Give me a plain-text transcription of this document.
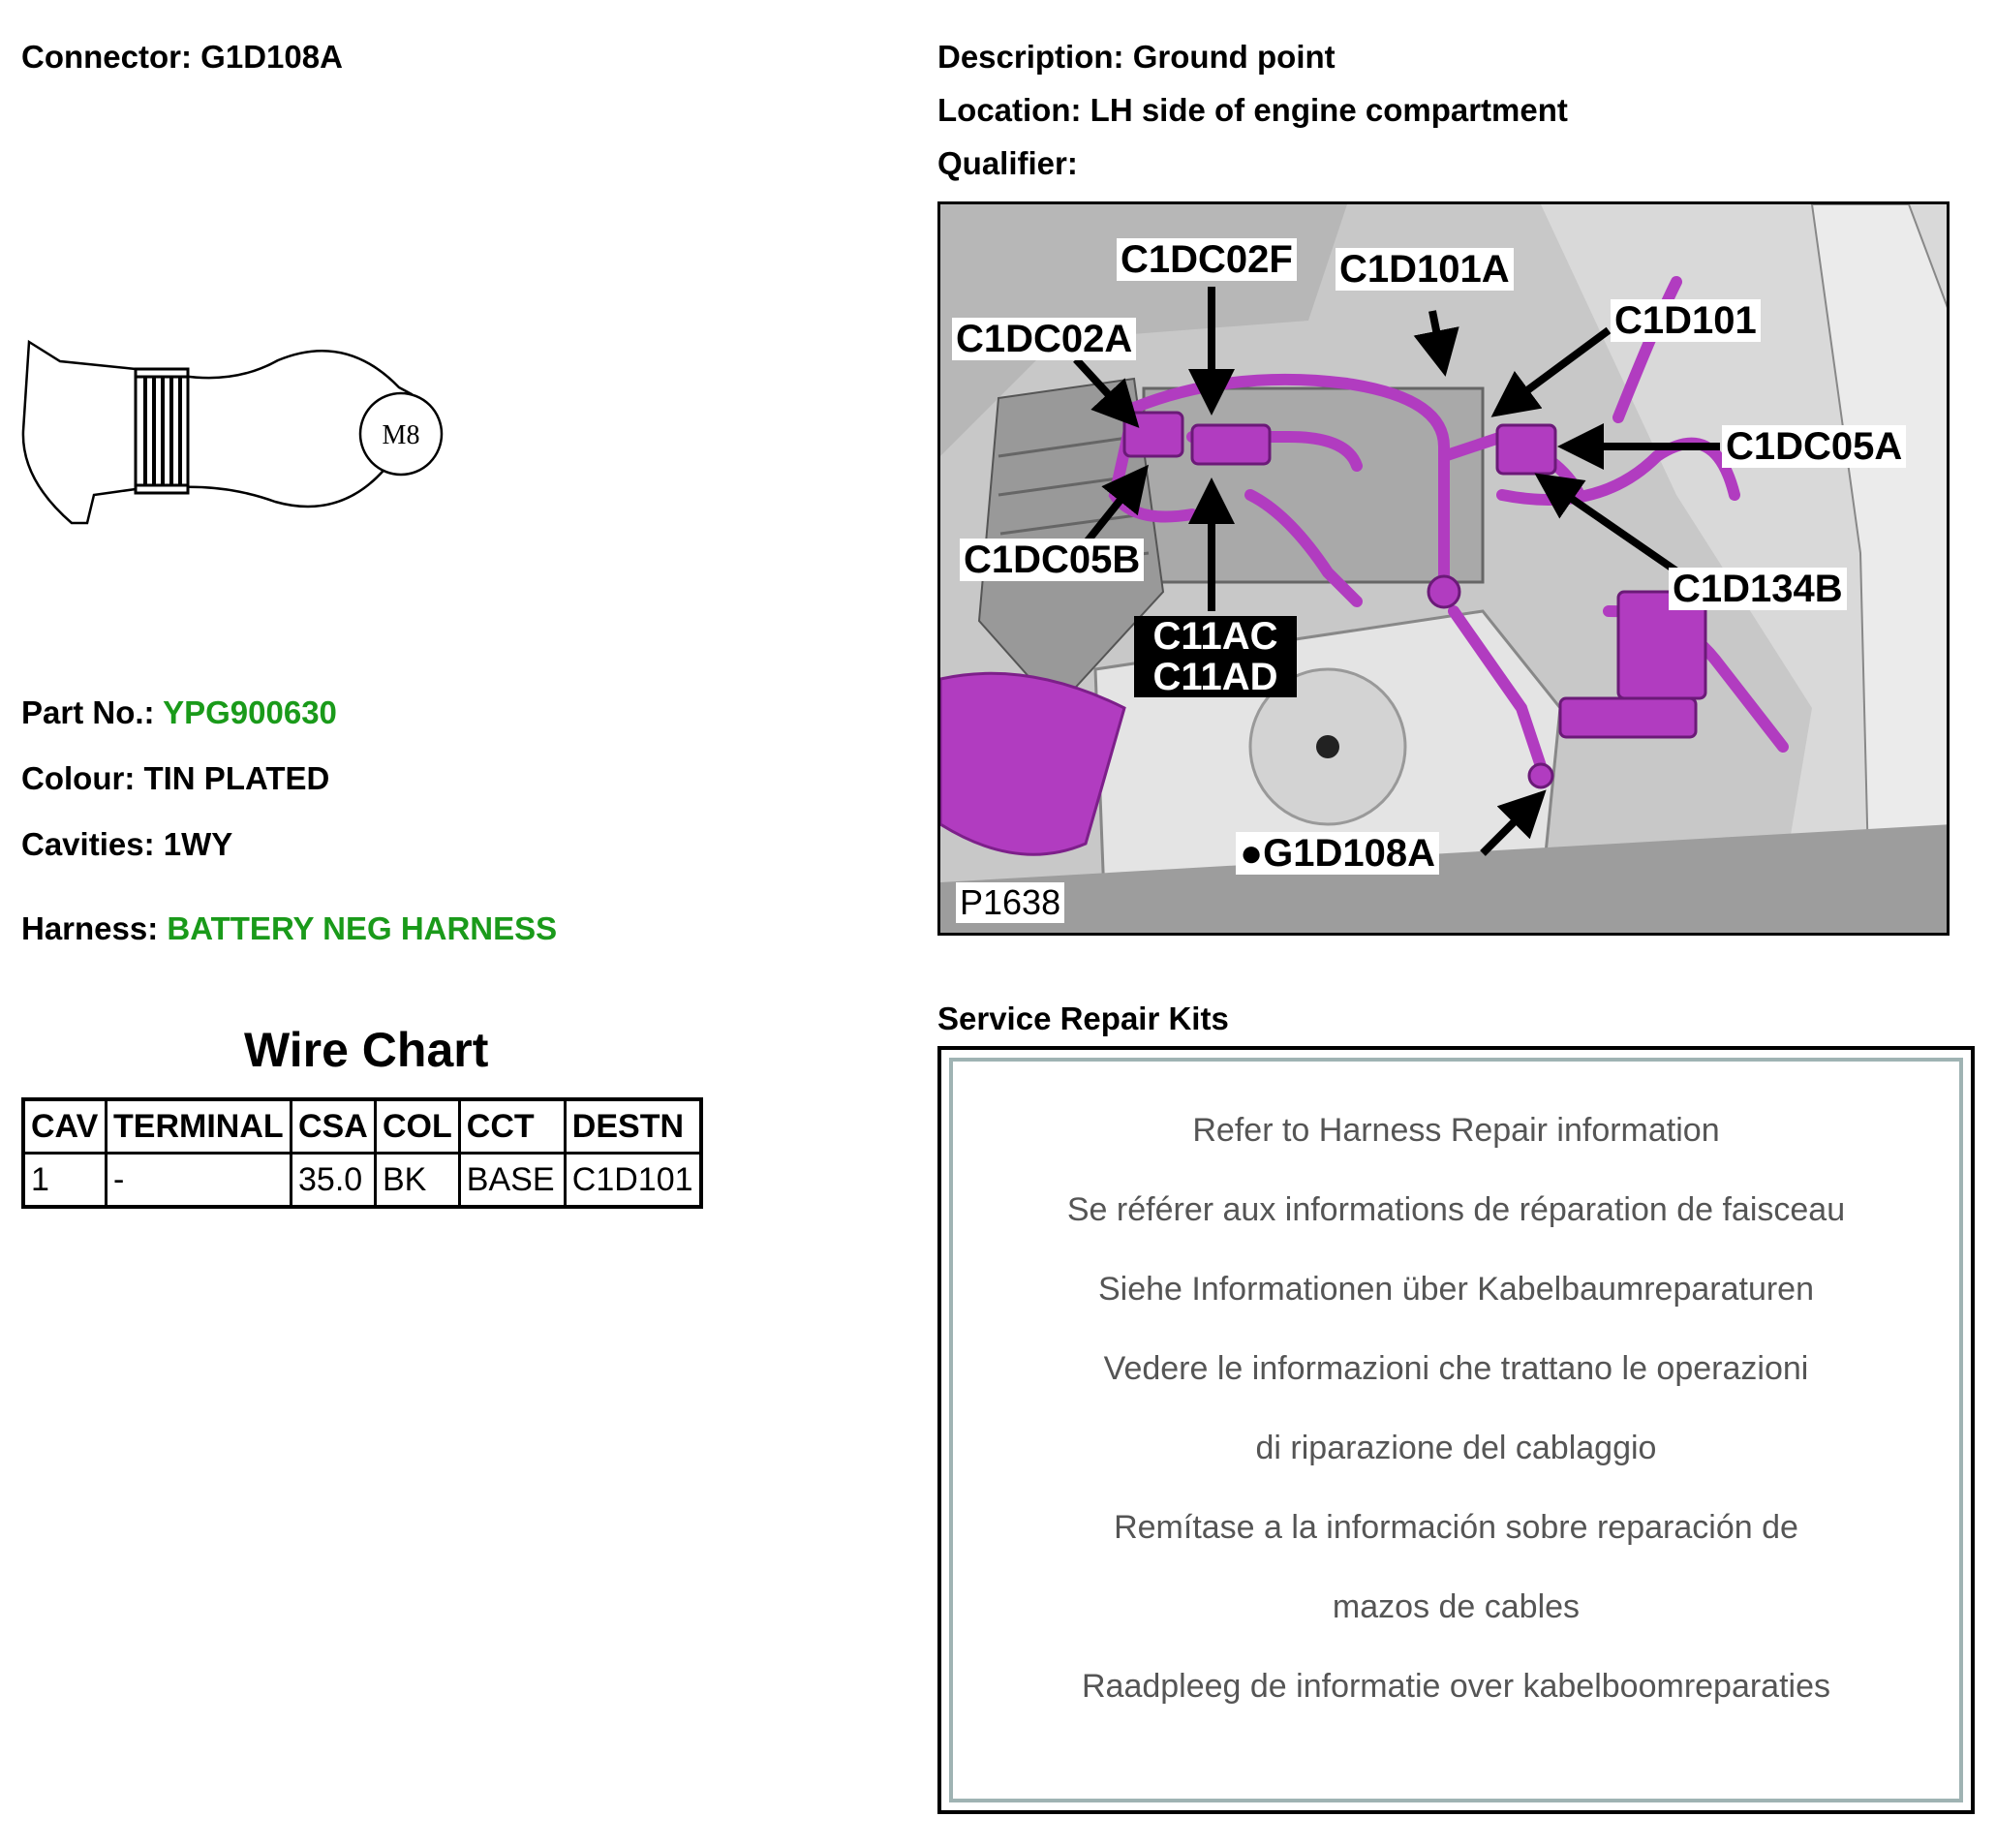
Connector: G1D108A	Description: Ground point
Location: LH side of engine compartment
Qualifier:
M8
Part No.: YPG900630
Colour: TIN PLATED
Cavities: 1WY
Harness: BATTERY NEG HARNESS
Wire Chart
CAV	TERMINAL	CSA	COL	CCT	DESTN
1	-	35.0	BK	BASE	C1D101
C1DC02F C1D101A
C1DC02A	C1D101
C1DC05A
C1DC05B
C1D134B
C11AC
C11AD
●G1D108A
P1638
Service Repair Kits
Refer to Harness Repair information
Se référer aux informations de réparation de faisceau
Siehe Informationen über Kabelbaumreparaturen
Vedere le informazioni che trattano le operazioni
di riparazione del cablaggio
Remítase a la información sobre reparación de
mazos de cables
Raadpleeg de informatie over kabelboomreparaties
